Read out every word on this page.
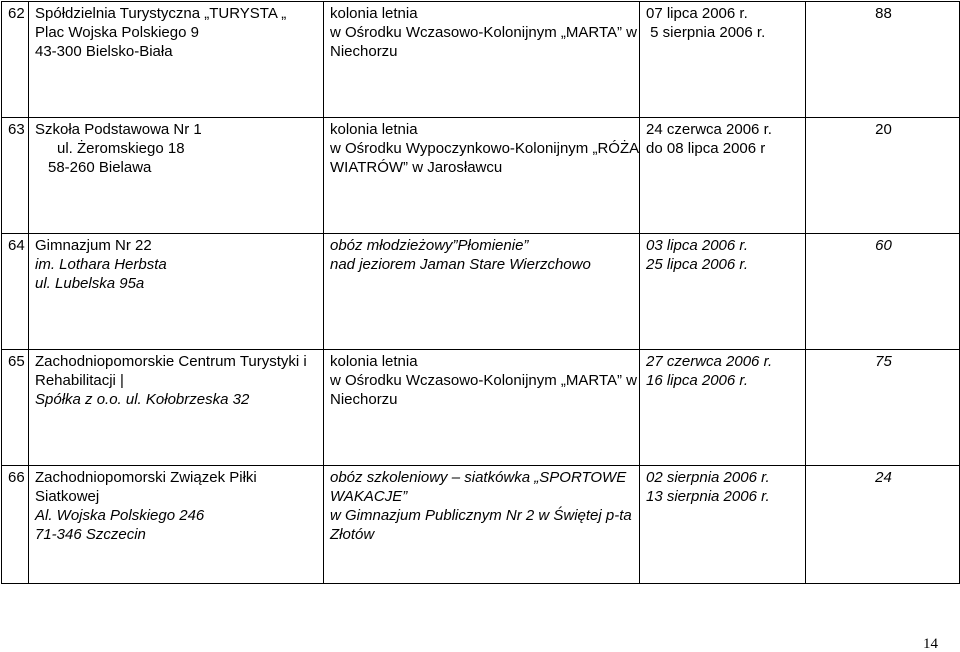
62	Spółdzielnia Turystyczna „TURYSTA „
Plac Wojska Polskiego 9
43-300 Bielsko-Biała	kolonia letnia
w Ośrodku Wczasowo-Kolonijnym „MARTA” w
Niechorzu	07 lipca 2006 r.
5 sierpnia 2006 r.	88
63	Szkoła Podstawowa Nr 1
ul. Żeromskiego 18
58-260 Bielawa	kolonia letnia
w Ośrodku Wypoczynkowo-Kolonijnym „RÓŻA
WIATRÓW” w Jarosławcu	24 czerwca 2006 r.
do 08 lipca 2006 r	20
64	Gimnazjum Nr 22
im. Lothara Herbsta
ul. Lubelska 95a	obóz młodzieżowy”Płomienie”
nad jeziorem Jaman Stare Wierzchowo	03 lipca 2006 r.
25 lipca 2006 r.	60
65	Zachodniopomorskie Centrum Turystyki i
Rehabilitacji |
Spółka z o.o. ul. Kołobrzeska 32	kolonia letnia
w Ośrodku Wczasowo-Kolonijnym „MARTA” w
Niechorzu	27 czerwca 2006 r.
16 lipca 2006 r.	75
66	Zachodniopomorski Związek Piłki
Siatkowej
Al. Wojska Polskiego 246
71-346 Szczecin	obóz szkoleniowy – siatkówka „SPORTOWE
WAKACJE”
w Gimnazjum Publicznym Nr 2 w Świętej p-ta
Złotów	02 sierpnia 2006 r.
13 sierpnia 2006 r.	24
14
